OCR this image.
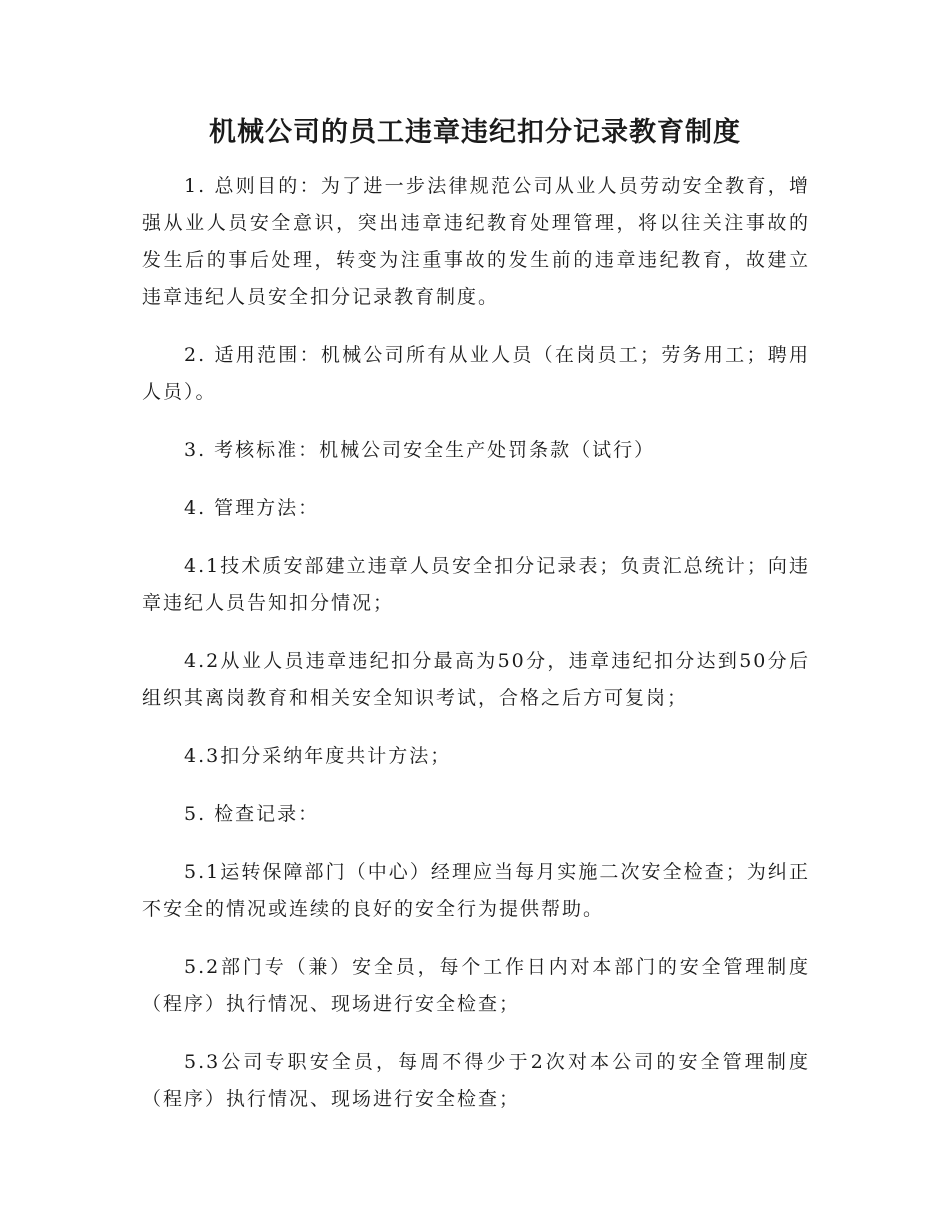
机械公司的员工违章违纪扣分记录教育制度

1. 总则目的：为了进一步法律规范公司从业人员劳动安全教育，增强从业人员安全意识，突出违章违纪教育处理管理，将以往关注事故的发生后的事后处理，转变为注重事故的发生前的违章违纪教育，故建立违章违纪人员安全扣分记录教育制度。

2. 适用范围：机械公司所有从业人员（在岗员工；劳务用工；聘用人员）。

3. 考核标准：机械公司安全生产处罚条款（试行）

4. 管理方法：

4.1技术质安部建立违章人员安全扣分记录表；负责汇总统计；向违章违纪人员告知扣分情况；

4.2从业人员违章违纪扣分最高为50分，违章违纪扣分达到50分后组织其离岗教育和相关安全知识考试，合格之后方可复岗；

4.3扣分采纳年度共计方法；

5. 检查记录：

5.1运转保障部门（中心）经理应当每月实施二次安全检查；为纠正不安全的情况或连续的良好的安全行为提供帮助。

5.2部门专（兼）安全员，每个工作日内对本部门的安全管理制度（程序）执行情况、现场进行安全检查；

5.3公司专职安全员，每周不得少于2次对本公司的安全管理制度（程序）执行情况、现场进行安全检查；
